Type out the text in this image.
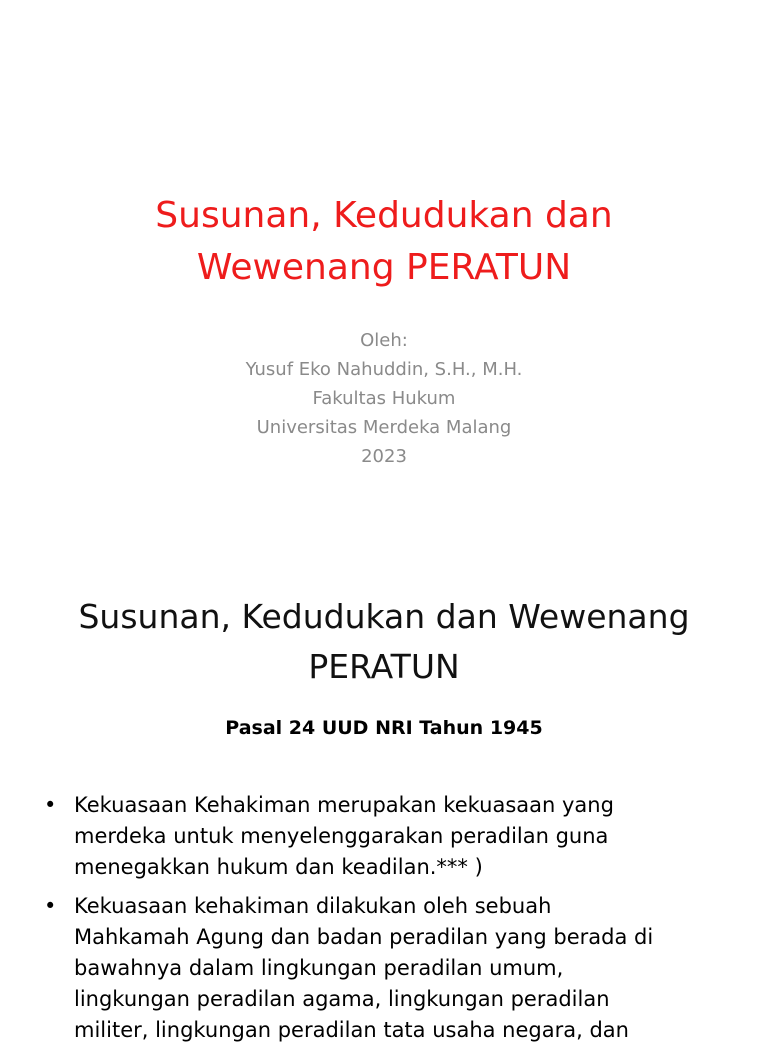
Susunan, Kedudukan dan
Wewenang PERATUN
Oleh:
Yusuf Eko Nahuddin, S.H., M.H.
Fakultas Hukum
Universitas Merdeka Malang
2023
Susunan, Kedudukan dan Wewenang
PERATUN
Pasal 24 UUD NRI Tahun 1945
• Kekuasaan Kehakiman merupakan kekuasaan yang
merdeka untuk menyelenggarakan peradilan guna
menegakkan hukum dan keadilan.*** )
• Kekuasaan kehakiman dilakukan oleh sebuah
Mahkamah Agung dan badan peradilan yang berada di
bawahnya dalam lingkungan peradilan umum,
lingkungan peradilan agama, lingkungan peradilan
militer, lingkungan peradilan tata usaha negara, dan
